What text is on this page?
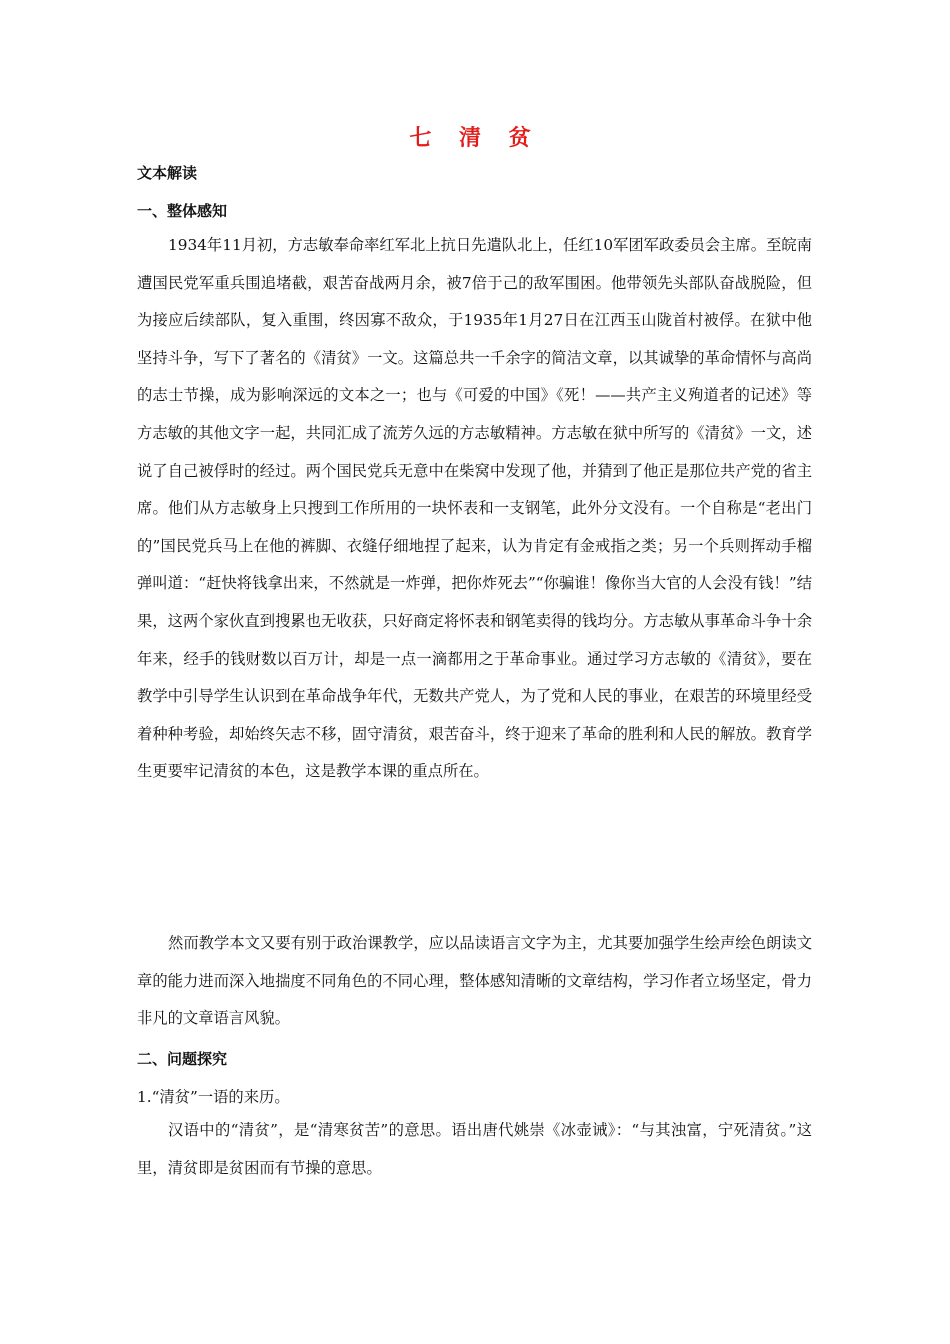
七 清 贫
文本解读
一、整体感知
1934年11月初，方志敏奉命率红军北上抗日先遣队北上，任红10军团军政委员会主席。至皖南遭国民党军重兵围追堵截，艰苦奋战两月余，被7倍于己的敌军围困。他带领先头部队奋战脱险，但为接应后续部队，复入重围，终因寡不敌众，于1935年1月27日在江西玉山陇首村被俘。在狱中他坚持斗争，写下了著名的《清贫》一文。这篇总共一千余字的简洁文章，以其诚挚的革命情怀与高尚的志士节操，成为影响深远的文本之一；也与《可爱的中国》《死！——共产主义殉道者的记述》等方志敏的其他文字一起，共同汇成了流芳久远的方志敏精神。方志敏在狱中所写的《清贫》一文，述说了自己被俘时的经过。两个国民党兵无意中在柴窝中发现了他，并猜到了他正是那位共产党的省主席。他们从方志敏身上只搜到工作所用的一块怀表和一支钢笔，此外分文没有。一个自称是“老出门的”国民党兵马上在他的裤脚、衣缝仔细地捏了起来，认为肯定有金戒指之类；另一个兵则挥动手榴弹叫道：“赶快将钱拿出来，不然就是一炸弹，把你炸死去”“你骗谁！像你当大官的人会没有钱！”结果，这两个家伙直到搜累也无收获，只好商定将怀表和钢笔卖得的钱均分。方志敏从事革命斗争十余年来，经手的钱财数以百万计，却是一点一滴都用之于革命事业。通过学习方志敏的《清贫》，要在教学中引导学生认识到在革命战争年代，无数共产党人，为了党和人民的事业，在艰苦的环境里经受着种种考验，却始终矢志不移，固守清贫，艰苦奋斗，终于迎来了革命的胜利和人民的解放。教育学生更要牢记清贫的本色，这是教学本课的重点所在。
然而教学本文又要有别于政治课教学，应以品读语言文字为主，尤其要加强学生绘声绘色朗读文章的能力进而深入地揣度不同角色的不同心理，整体感知清晰的文章结构，学习作者立场坚定，骨力非凡的文章语言风貌。
二、问题探究
1.“清贫”一语的来历。
汉语中的“清贫”，是“清寒贫苦”的意思。语出唐代姚崇《冰壶诫》：“与其浊富，宁死清贫。”这里，清贫即是贫困而有节操的意思。
